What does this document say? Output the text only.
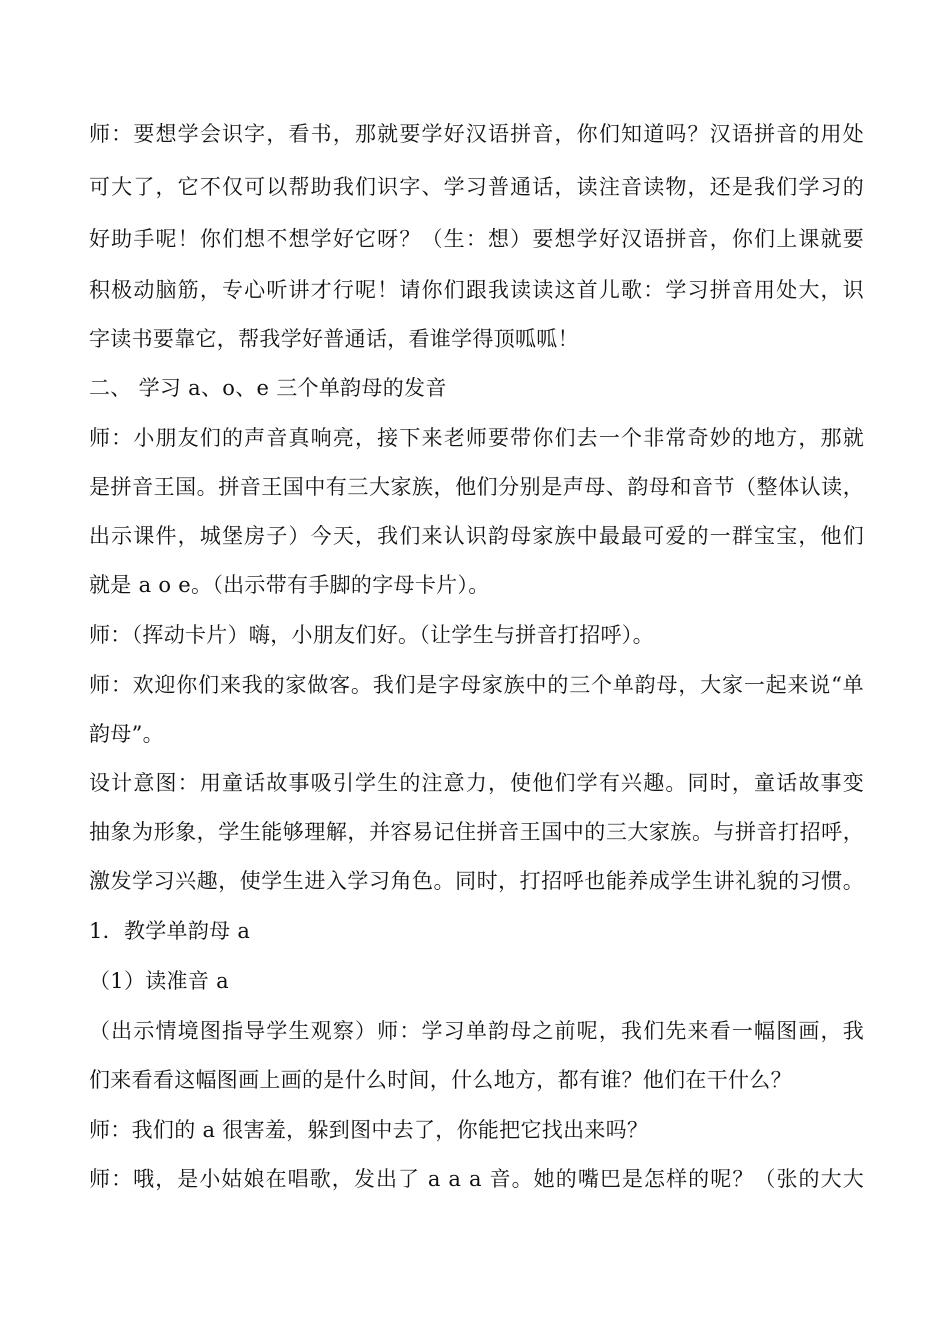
师：要想学会识字，看书，那就要学好汉语拼音，你们知道吗？汉语拼音的用处
可大了，它不仅可以帮助我们识字、学习普通话，读注音读物，还是我们学习的
好助手呢！你们想不想学好它呀？（生：想）要想学好汉语拼音，你们上课就要
积极动脑筋，专心听讲才行呢！请你们跟我读读这首儿歌：学习拼音用处大，识
字读书要靠它，帮我学好普通话，看谁学得顶呱呱！
二、 学习 a、o、e 三个单韵母的发音
师：小朋友们的声音真响亮，接下来老师要带你们去一个非常奇妙的地方，那就
是拼音王国。拼音王国中有三大家族，他们分别是声母、韵母和音节（整体认读，
出示课件，城堡房子）今天，我们来认识韵母家族中最最可爱的一群宝宝，他们
就是 a o e。（出示带有手脚的字母卡片）。
师：（挥动卡片）嗨，小朋友们好。（让学生与拼音打招呼）。
师：欢迎你们来我的家做客。我们是字母家族中的三个单韵母，大家一起来说“单
韵母”。
设计意图：用童话故事吸引学生的注意力，使他们学有兴趣。同时，童话故事变
抽象为形象，学生能够理解，并容易记住拼音王国中的三大家族。与拼音打招呼，
激发学习兴趣，使学生进入学习角色。同时，打招呼也能养成学生讲礼貌的习惯。
1．教学单韵母 a
（1）读准音 a
（出示情境图指导学生观察）师：学习单韵母之前呢，我们先来看一幅图画，我
们来看看这幅图画上画的是什么时间，什么地方，都有谁？他们在干什么？
师：我们的 a 很害羞，躲到图中去了，你能把它找出来吗？
师：哦，是小姑娘在唱歌，发出了 a a a 音。她的嘴巴是怎样的呢？（张的大大
